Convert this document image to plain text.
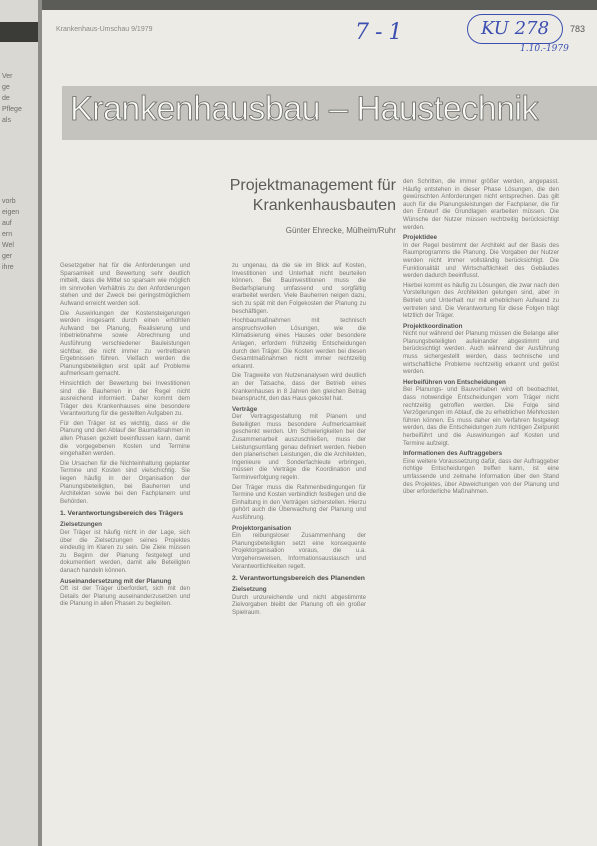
Ver
ge
de
Pflege
als
vorb
eigen
auf
ern
Wel
ger
ihre
Krankenhaus-Umschau 9/1979	783
7-1	KU 278
1.10.-1979
Krankenhausbau – Haustechnik
Projektmanagement für Krankenhausbauten
Günter Ehrecke, Mülheim/Ruhr

Gesetzgeber hat für die Anforderungen und Sparsamkeit und Bewertung sehr deutlich mitteilt, dass die Mittel so sparsam wie möglich im sinnvollen Verhältnis zu den Anforderungen stehen und der Zweck bei geringstmöglichem Aufwand erreicht werden soll.

Die Auswirkungen der Kostensteigerungen werden insgesamt durch einen erhöhten Aufwand bei Planung, Realisierung und Inbetriebnahme sowie Abrechnung und Ausführung verschiedener Bauleistungen sichtbar, die nicht immer zu vertretbaren Ergebnissen führen. Vielfach werden die Planungsbeteiligten erst spät auf Probleme aufmerksam gemacht.

Hinsichtlich der Bewertung bei Investitionen sind die Bauherren in der Regel nicht ausreichend informiert. Daher kommt dem Träger des Krankenhauses eine besondere Verantwortung für die gestellten Aufgaben zu.

Für den Träger ist es wichtig, dass er die Planung und den Ablauf der Baumaßnahmen in allen Phasen gezielt beeinflussen kann, damit die vorgegebenen Kosten und Termine eingehalten werden.

Die Ursachen für die Nichteinhaltung geplanter Termine und Kosten sind vielschichtig. Sie liegen häufig in der Organisation der Planungsbeteiligten, bei Bauherren und Architekten sowie bei den Fachplanern und Behörden.

1. Verantwortungsbereich des Trägers
Zielsetzungen

Der Träger ist häufig nicht in der Lage, sich über die Zielsetzungen seines Projektes eindeutig im Klaren zu sein. Die Ziele müssen zu Beginn der Planung festgelegt und dokumentiert werden, damit alle Beteiligten danach handeln können.

Auseinandersetzung mit der Planung

Oft ist der Träger überfordert, sich mit den Details der Planung auseinanderzusetzen und die Planung in allen Phasen zu begleiten.

zu ungenau, da die sie im Blick auf Kosten, Investitionen und Unterhalt nicht beurteilen können. Bei Bauinvestitionen muss die Bedarfsplanung umfassend und sorgfältig erarbeitet werden. Viele Bauherren neigen dazu, sich zu spät mit den Folgekosten der Planung zu beschäftigen.

Hochbaumaßnahmen mit technisch anspruchsvollen Lösungen, wie die Klimatisierung eines Hauses oder besondere Anlagen, erfordern frühzeitig Entscheidungen durch den Träger. Die Kosten werden bei diesen Gesamtmaßnahmen nicht immer rechtzeitig erkannt.

Die Tragweite von Nutzenanalysen wird deutlich an der Tatsache, dass der Betrieb eines Krankenhauses in 8 Jahren den gleichen Betrag beansprucht, den das Haus gekostet hat.

Verträge

Der Vertragsgestaltung mit Planern und Beteiligten muss besondere Aufmerksamkeit geschenkt werden. Um Schwierigkeiten bei der Zusammenarbeit auszuschließen, muss der Leistungsumfang genau definiert werden. Neben den planerischen Leistungen, die die Architekten, Ingenieure und Sonderfachleute erbringen, müssen die Verträge die Koordination und Terminverfolgung regeln.

Der Träger muss die Rahmenbedingungen für Termine und Kosten verbindlich festlegen und die Einhaltung in den Verträgen sicherstellen. Hierzu gehört auch die Überwachung der Planung und Ausführung.

Projektorganisation

Ein reibungsloser Zusammenhang der Planungsbeteiligten setzt eine konsequente Projektorganisation voraus, die u.a. Vorgehensweisen, Informationsaustausch und Verantwortlichkeiten regelt.

2. Verantwortungsbereich des Planenden
Zielsetzung

Durch unzureichende und nicht abgestimmte Zielvorgaben bleibt der Planung oft ein großer Spielraum.

den Schritten, die immer größer werden, angepasst. Häufig entstehen in dieser Phase Lösungen, die den gewünschten Anforderungen nicht entsprechen. Das gilt auch für die Planungsleistungen der Fachplaner, die für den Entwurf die Grundlagen erarbeiten müssen. Die Wünsche der Nutzer müssen rechtzeitig berücksichtigt werden.

Projektidee

In der Regel bestimmt der Architekt auf der Basis des Raumprogramms die Planung. Die Vorgaben der Nutzer werden nicht immer vollständig berücksichtigt. Die Funktionalität und Wirtschaftlichkeit des Gebäudes werden dadurch beeinflusst.

Hierbei kommt es häufig zu Lösungen, die zwar nach den Vorstellungen des Architekten gelungen sind, aber in Betrieb und Unterhalt nur mit erheblichem Aufwand zu vertreten sind. Die Verantwortung für diese Folgen trägt letztlich der Träger.

Projektkoordination

Nicht nur während der Planung müssen die Belange aller Planungsbeteiligten aufeinander abgestimmt und berücksichtigt werden. Auch während der Ausführung muss sichergestellt werden, dass technische und wirtschaftliche Probleme rechtzeitig erkannt und gelöst werden.

Herbeiführen von Entscheidungen

Bei Planungs- und Bauvorhaben wird oft beobachtet, dass notwendige Entscheidungen vom Träger nicht rechtzeitig getroffen werden. Die Folge sind Verzögerungen im Ablauf, die zu erheblichen Mehrkosten führen können. Es muss daher ein Verfahren festgelegt werden, das die Entscheidungen zum richtigen Zeitpunkt herbeiführt und die Auswirkungen auf Kosten und Termine aufzeigt.

Informationen des Auftraggebers

Eine weitere Voraussetzung dafür, dass der Auftraggeber richtige Entscheidungen treffen kann, ist eine umfassende und zeitnahe Information über den Stand des Projektes, über Abweichungen von der Planung und über erforderliche Maßnahmen.
